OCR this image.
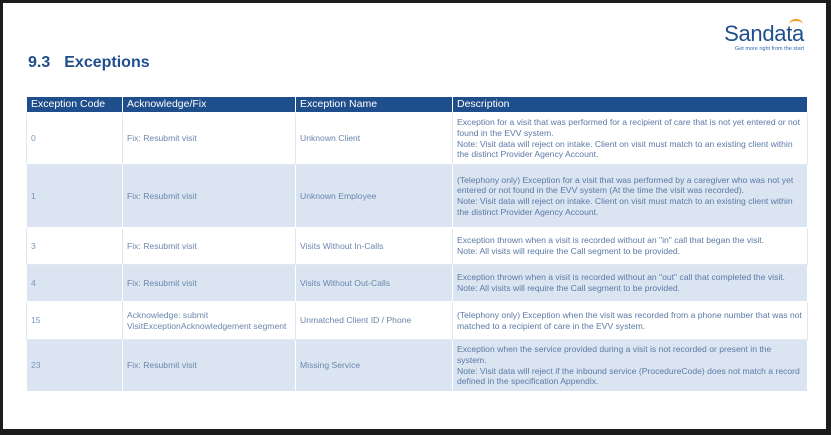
Sandata
Get more right from the start
9.3 Exceptions
Exception Code	Acknowledge/Fix	Exception Name	Description
0	Fix: Resubmit visit	Unknown Client	Exception for a visit that was performed for a recipient of care that is not yet entered or not found in the EVV system.
Note: Visit data will reject on intake. Client on visit must match to an existing client within the distinct Provider Agency Account.
1	Fix: Resubmit visit	Unknown Employee	(Telephony only) Exception for a visit that was performed by a caregiver who was not yet entered or not found in the EVV system (At the time the visit was recorded).
Note: Visit data will reject on intake. Client on visit must match to an existing client within the distinct Provider Agency Account.
3	Fix: Resubmit visit	Visits Without In-Calls	Exception thrown when a visit is recorded without an "in" call that began the visit.
Note: All visits will require the Call segment to be provided.
4	Fix: Resubmit visit	Visits Without Out-Calls	Exception thrown when a visit is recorded without an "out" call that completed the visit.
Note: All visits will require the Call segment to be provided.
15	Acknowledge: submit VisitExceptionAcknowledgement segment	Unmatched Client ID / Phone	(Telephony only) Exception when the visit was recorded from a phone number that was not matched to a recipient of care in the EVV system.
23	Fix: Resubmit visit	Missing Service	Exception when the service provided during a visit is not recorded or present in the system.
Note: Visit data will reject if the inbound service (ProcedureCode) does not match a record defined in the specification Appendix.
